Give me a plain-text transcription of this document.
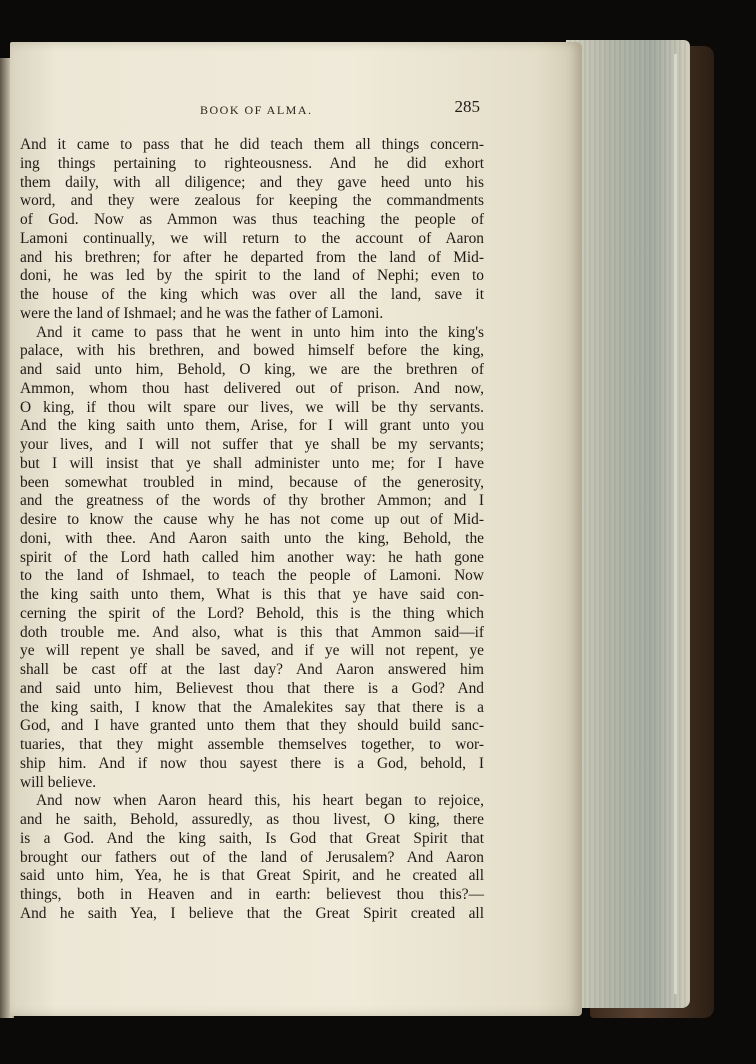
BOOK OF ALMA.	285
And it came to pass that he did teach them all things concern-
ing things pertaining to righteousness. And he did exhort
them daily, with all diligence; and they gave heed unto his
word, and they were zealous for keeping the commandments
of God. Now as Ammon was thus teaching the people of
Lamoni continually, we will return to the account of Aaron
and his brethren; for after he departed from the land of Mid-
doni, he was led by the spirit to the land of Nephi; even to
the house of the king which was over all the land, save it
were the land of Ishmael; and he was the father of Lamoni.
And it came to pass that he went in unto him into the king's
palace, with his brethren, and bowed himself before the king,
and said unto him, Behold, O king, we are the brethren of
Ammon, whom thou hast delivered out of prison. And now,
O king, if thou wilt spare our lives, we will be thy servants.
And the king saith unto them, Arise, for I will grant unto you
your lives, and I will not suffer that ye shall be my servants;
but I will insist that ye shall administer unto me; for I have
been somewhat troubled in mind, because of the generosity,
and the greatness of the words of thy brother Ammon; and I
desire to know the cause why he has not come up out of Mid-
doni, with thee. And Aaron saith unto the king, Behold, the
spirit of the Lord hath called him another way: he hath gone
to the land of Ishmael, to teach the people of Lamoni. Now
the king saith unto them, What is this that ye have said con-
cerning the spirit of the Lord? Behold, this is the thing which
doth trouble me. And also, what is this that Ammon said—if
ye will repent ye shall be saved, and if ye will not repent, ye
shall be cast off at the last day? And Aaron answered him
and said unto him, Believest thou that there is a God? And
the king saith, I know that the Amalekites say that there is a
God, and I have granted unto them that they should build sanc-
tuaries, that they might assemble themselves together, to wor-
ship him. And if now thou sayest there is a God, behold, I
will believe.
And now when Aaron heard this, his heart began to rejoice,
and he saith, Behold, assuredly, as thou livest, O king, there
is a God. And the king saith, Is God that Great Spirit that
brought our fathers out of the land of Jerusalem? And Aaron
said unto him, Yea, he is that Great Spirit, and he created all
things, both in Heaven and in earth: believest thou this?—
And he saith Yea, I believe that the Great Spirit created all
